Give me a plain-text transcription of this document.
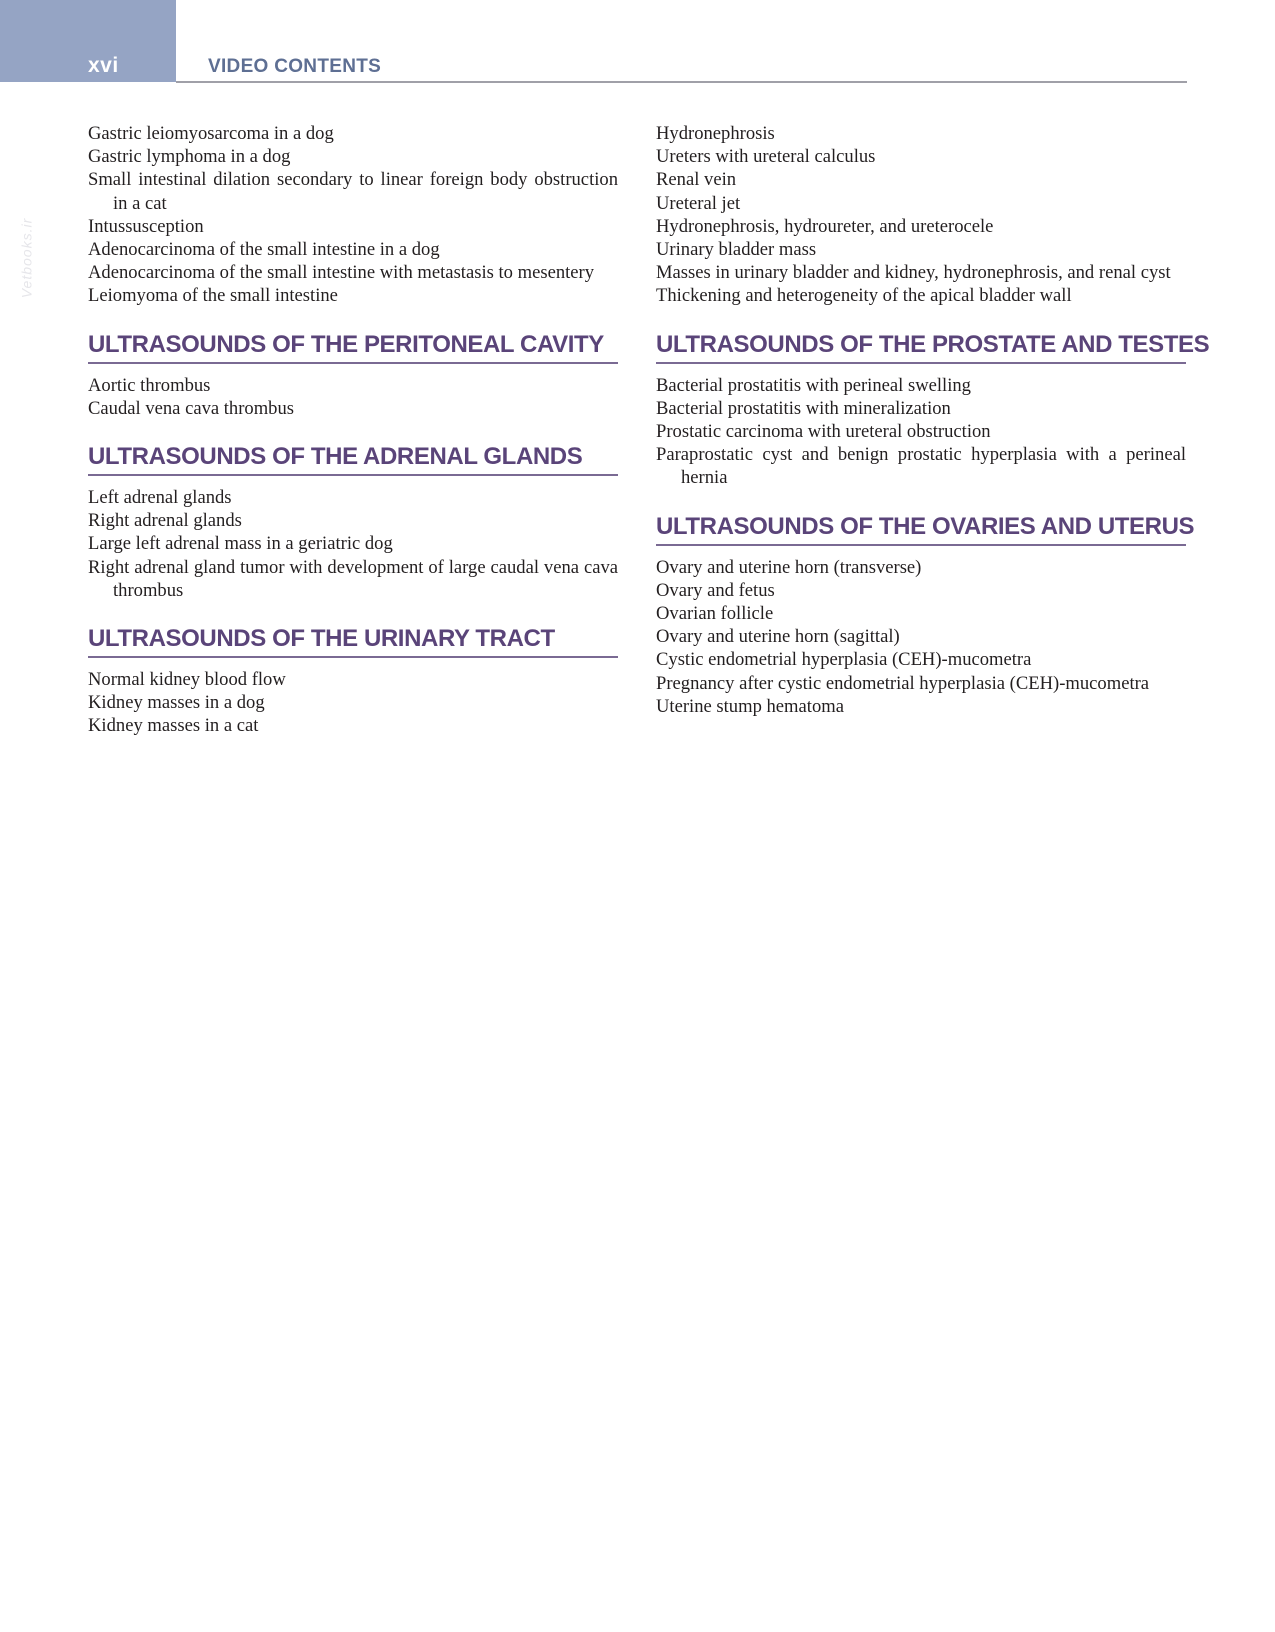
xvi	VIDEO CONTENTS
Vetbooks.ir
Gastric leiomyosarcoma in a dog
Gastric lymphoma in a dog
Small intestinal dilation secondary to linear foreign body obstruction in a cat
Intussusception
Adenocarcinoma of the small intestine in a dog
Adenocarcinoma of the small intestine with metastasis to mesentery
Leiomyoma of the small intestine
ULTRASOUNDS OF THE PERITONEAL CAVITY
Aortic thrombus
Caudal vena cava thrombus
ULTRASOUNDS OF THE ADRENAL GLANDS
Left adrenal glands
Right adrenal glands
Large left adrenal mass in a geriatric dog
Right adrenal gland tumor with development of large caudal vena cava thrombus
ULTRASOUNDS OF THE URINARY TRACT
Normal kidney blood flow
Kidney masses in a dog
Kidney masses in a cat
Hydronephrosis
Ureters with ureteral calculus
Renal vein
Ureteral jet
Hydronephrosis, hydroureter, and ureterocele
Urinary bladder mass
Masses in urinary bladder and kidney, hydronephrosis, and renal cyst
Thickening and heterogeneity of the apical bladder wall
ULTRASOUNDS OF THE PROSTATE AND TESTES
Bacterial prostatitis with perineal swelling
Bacterial prostatitis with mineralization
Prostatic carcinoma with ureteral obstruction
Paraprostatic cyst and benign prostatic hyperplasia with a perineal hernia
ULTRASOUNDS OF THE OVARIES AND UTERUS
Ovary and uterine horn (transverse)
Ovary and fetus
Ovarian follicle
Ovary and uterine horn (sagittal)
Cystic endometrial hyperplasia (CEH)-mucometra
Pregnancy after cystic endometrial hyperplasia (CEH)-mucometra
Uterine stump hematoma
